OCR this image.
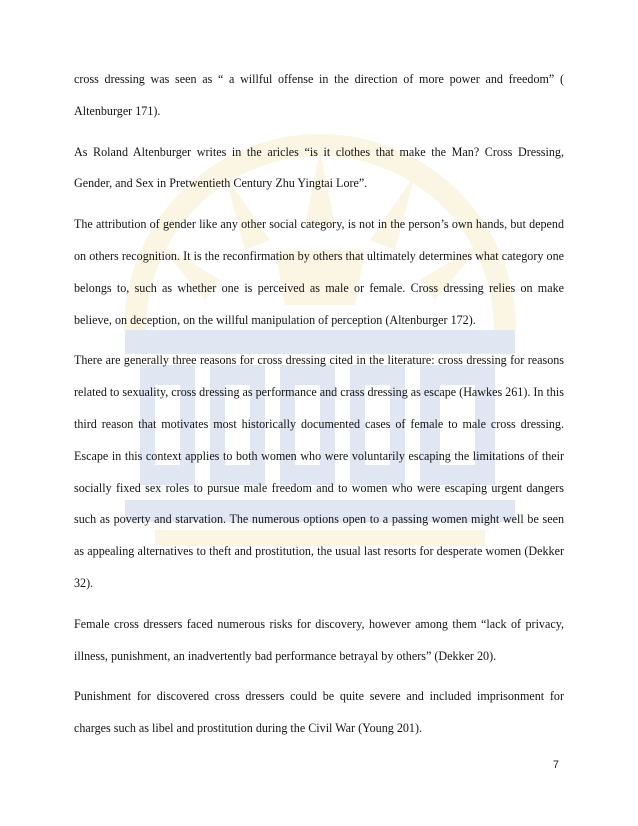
cross dressing was seen as “ a willful offense in the direction of more power and freedom” ( Altenburger 171).

As Roland Altenburger writes in the aricles “is it clothes that make the Man? Cross Dressing, Gender, and Sex in Pretwentieth Century Zhu Yingtai Lore”.

The attribution of gender like any other social category, is not in the person’s own hands, but depend on others recognition. It is the reconfirmation by others that ultimately determines what category one belongs to, such as whether one is perceived as male or female. Cross dressing relies on make believe, on deception, on the willful manipulation of perception (Altenburger 172).

There are generally three reasons for cross dressing cited in the literature: cross dressing for reasons related to sexuality, cross dressing as performance and crass dressing as escape (Hawkes 261). In this third reason that motivates most historically documented cases of female to male cross dressing. Escape in this context applies to both women who were voluntarily escaping the limitations of their socially fixed sex roles to pursue male freedom and to women who were escaping urgent dangers such as poverty and starvation. The numerous options open to a passing women might well be seen as appealing alternatives to theft and prostitution, the usual last resorts for desperate women (Dekker 32).

Female cross dressers faced numerous risks for discovery, however among them “lack of privacy, illness, punishment, an inadvertently bad performance betrayal by others” (Dekker 20).

Punishment for discovered cross dressers could be quite severe and included imprisonment for charges such as libel and prostitution during the Civil War (Young 201).

7
